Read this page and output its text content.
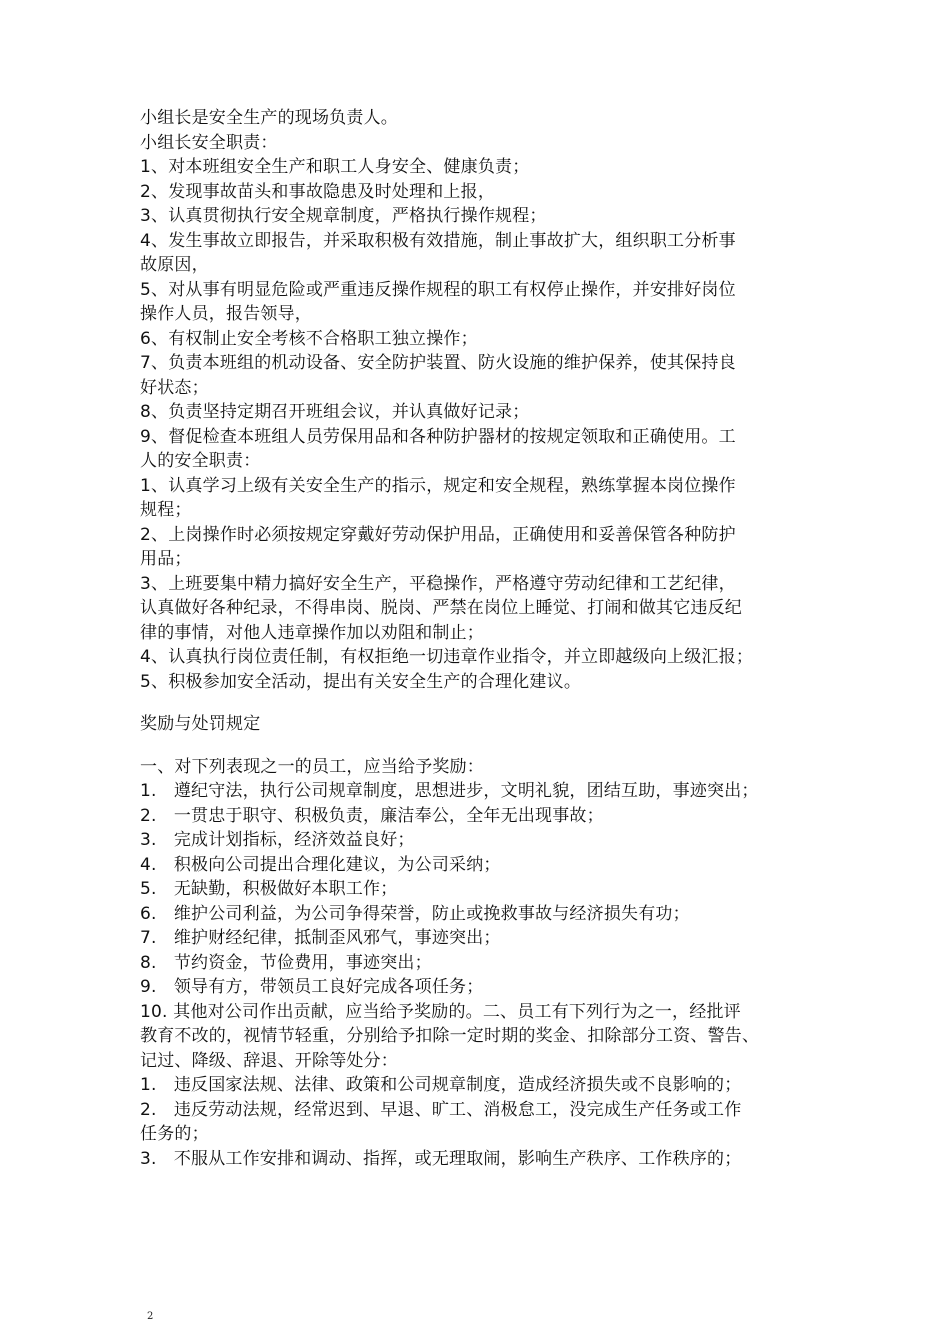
小组长是安全生产的现场负责人。
小组长安全职责：
1、对本班组安全生产和职工人身安全、健康负责；
2、发现事故苗头和事故隐患及时处理和上报，
3、认真贯彻执行安全规章制度，严格执行操作规程；
4、发生事故立即报告，并采取积极有效措施，制止事故扩大，组织职工分析事
故原因，
5、对从事有明显危险或严重违反操作规程的职工有权停止操作，并安排好岗位
操作人员，报告领导，
6、有权制止安全考核不合格职工独立操作；
7、负责本班组的机动设备、安全防护装置、防火设施的维护保养，使其保持良
好状态；
8、负责坚持定期召开班组会议，并认真做好记录；
9、督促检查本班组人员劳保用品和各种防护器材的按规定领取和正确使用。工
人的安全职责：
1、认真学习上级有关安全生产的指示，规定和安全规程，熟练掌握本岗位操作
规程；
2、上岗操作时必须按规定穿戴好劳动保护用品，正确使用和妥善保管各种防护
用品；
3、上班要集中精力搞好安全生产，平稳操作，严格遵守劳动纪律和工艺纪律，
认真做好各种纪录，不得串岗、脱岗、严禁在岗位上睡觉、打闹和做其它违反纪
律的事情，对他人违章操作加以劝阻和制止；
4、认真执行岗位责任制，有权拒绝一切违章作业指令，并立即越级向上级汇报；
5、积极参加安全活动，提出有关安全生产的合理化建议。
奖励与处罚规定
一、对下列表现之一的员工，应当给予奖励：
1.　遵纪守法，执行公司规章制度，思想进步，文明礼貌，团结互助，事迹突出；
2.　一贯忠于职守、积极负责，廉洁奉公，全年无出现事故；
3.　完成计划指标，经济效益良好；
4.　积极向公司提出合理化建议，为公司采纳；
5.　无缺勤，积极做好本职工作；
6.　维护公司利益，为公司争得荣誉，防止或挽救事故与经济损失有功；
7.　维护财经纪律，抵制歪风邪气，事迹突出；
8.　节约资金，节俭费用，事迹突出；
9.　领导有方，带领员工良好完成各项任务；
10. 其他对公司作出贡献，应当给予奖励的。二、员工有下列行为之一，经批评
教育不改的，视情节轻重，分别给予扣除一定时期的奖金、扣除部分工资、警告、
记过、降级、辞退、开除等处分：
1.　违反国家法规、法律、政策和公司规章制度，造成经济损失或不良影响的；
2.　违反劳动法规，经常迟到、早退、旷工、消极怠工，没完成生产任务或工作
任务的；
3.　不服从工作安排和调动、指挥，或无理取闹，影响生产秩序、工作秩序的；
2
